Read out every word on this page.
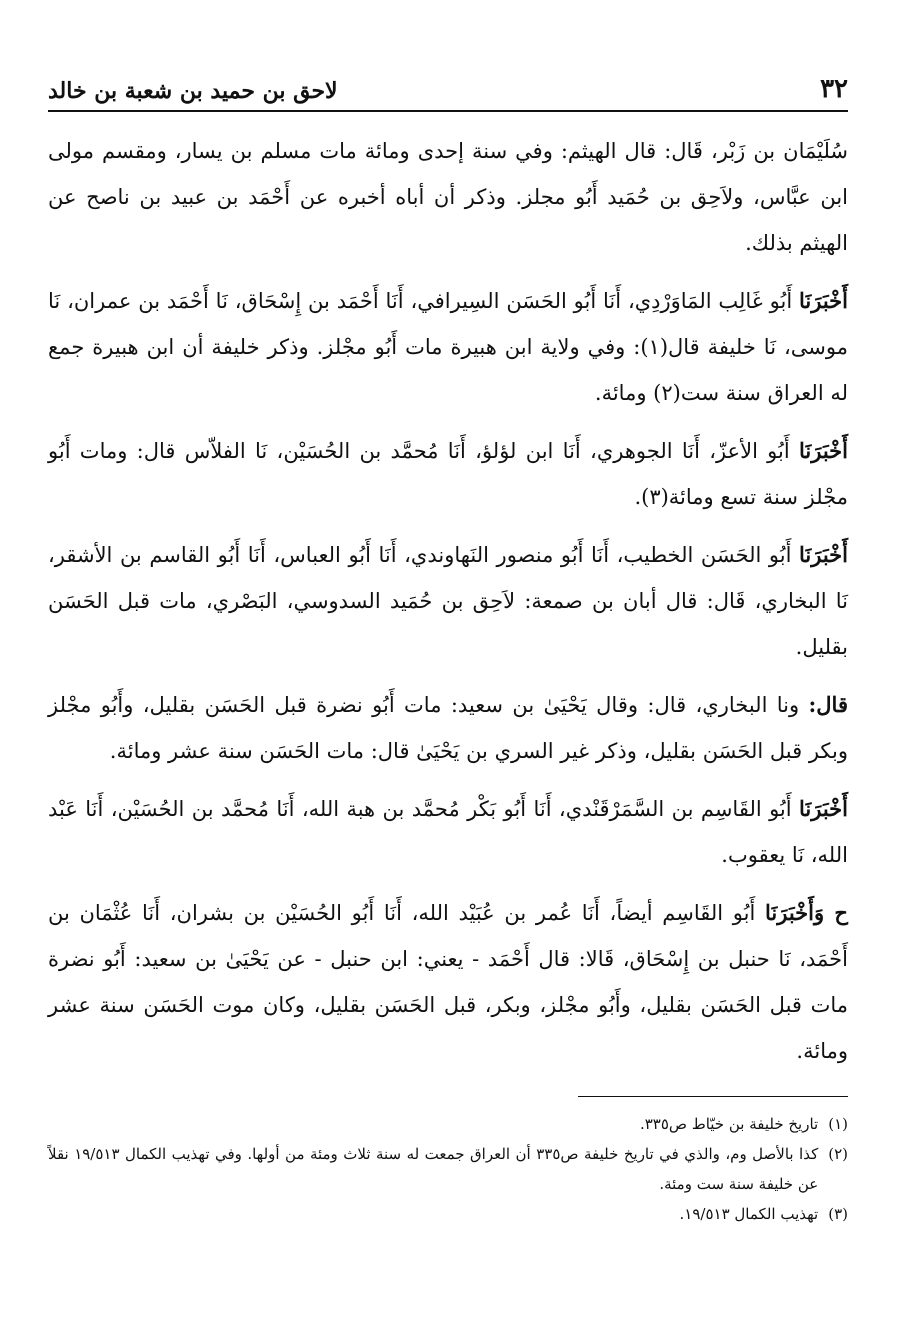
٣٢
لاحق بن حميد بن شعبة بن خالد

سُلَيْمَان بن زَبْر، قَال: قال الهيثم: وفي سنة إحدى ومائة مات مسلم بن يسار، ومقسم مولى ابن عبَّاس، ولاَحِق بن حُمَيد أَبُو مجلز. وذكر أن أباه أخبره عن أَحْمَد بن عبيد بن ناصح عن الهيثم بذلك.

أَخْبَرَنَا أَبُو غَالِب المَاوَرْدِي، أَنَا أَبُو الحَسَن السِيرافي، أَنَا أَحْمَد بن إِسْحَاق، نَا أَحْمَد بن عمران، نَا موسى، نَا خليفة قال(١): وفي ولاية ابن هبيرة مات أَبُو مجْلز. وذكر خليفة أن ابن هبيرة جمع له العراق سنة ست(٢) ومائة.

أَخْبَرَنَا أَبُو الأعزّ، أَنَا الجوهري، أَنَا ابن لؤلؤ، أَنَا مُحمَّد بن الحُسَيْن، نَا الفلاّس قال: ومات أَبُو مجْلز سنة تسع ومائة(٣).

أَخْبَرَنَا أَبُو الحَسَن الخطيب، أَنَا أَبُو منصور النَهاوندي، أَنَا أَبُو العباس، أَنَا أَبُو القاسم بن الأشقر، نَا البخاري، قَال: قال أبان بن صمعة: لاَحِق بن حُمَيد السدوسي، البَصْري، مات قبل الحَسَن بقليل.

قال: ونا البخاري، قال: وقال يَحْيَىٰ بن سعيد: مات أَبُو نضرة قبل الحَسَن بقليل، وأَبُو مجْلز وبكر قبل الحَسَن بقليل، وذكر غير السري بن يَحْيَىٰ قال: مات الحَسَن سنة عشر ومائة.

أَخْبَرَنَا أَبُو القَاسِم بن السَّمَرْقَنْدي، أَنَا أَبُو بَكْر مُحمَّد بن هبة الله، أَنَا مُحمَّد بن الحُسَيْن، أَنَا عَبْد الله، نَا يعقوب.

ح وَأَخْبَرَنَا أَبُو القَاسِم أيضاً، أَنَا عُمر بن عُبَيْد الله، أَنَا أَبُو الحُسَيْن بن بشران، أَنَا عُثْمَان بن أَحْمَد، نَا حنبل بن إِسْحَاق، قَالا: قال أَحْمَد - يعني: ابن حنبل - عن يَحْيَىٰ بن سعيد: أَبُو نضرة مات قبل الحَسَن بقليل، وأَبُو مجْلز، وبكر، قبل الحَسَن بقليل، وكان موت الحَسَن سنة عشر ومائة.

(١)
تاريخ خليفة بن خيّاط ص٣٣٥.
(٢)
كذا بالأصل وم، والذي في تاريخ خليفة ص٣٣٥ أن العراق جمعت له سنة ثلاث ومئة من أولها. وفي تهذيب الكمال ١٩/٥١٣ نقلاً عن خليفة سنة ست ومئة.
(٣)
تهذيب الكمال ١٩/٥١٣.
